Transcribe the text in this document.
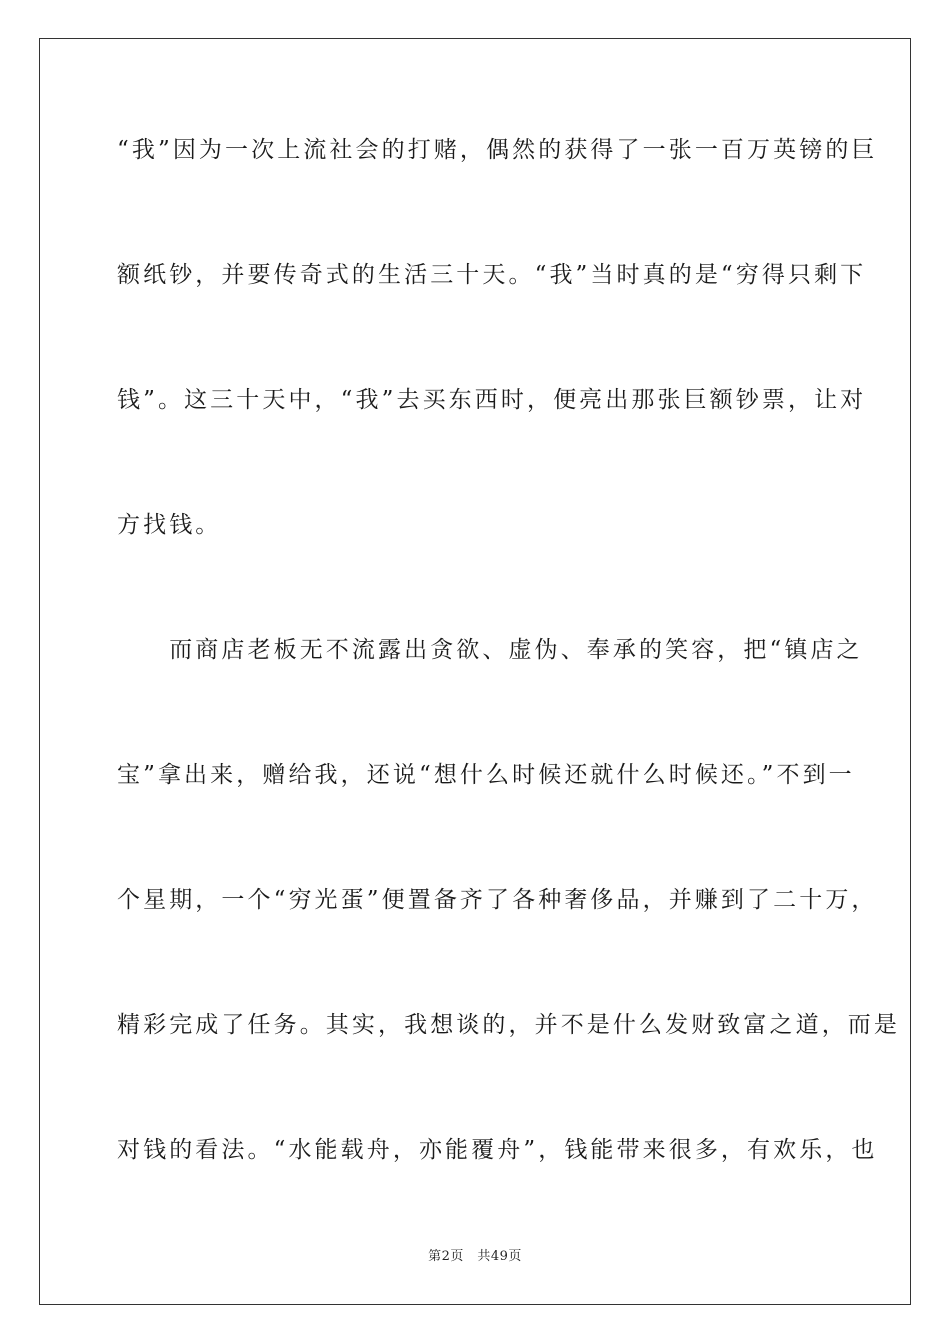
“我”因为一次上流社会的打赌，偶然的获得了一张一百万英镑的巨
额纸钞，并要传奇式的生活三十天。“我”当时真的是“穷得只剩下
钱”。这三十天中，“我”去买东西时，便亮出那张巨额钞票，让对
方找钱。
　　而商店老板无不流露出贪欲、虚伪、奉承的笑容，把“镇店之
宝”拿出来，赠给我，还说“想什么时候还就什么时候还。”不到一
个星期，一个“穷光蛋”便置备齐了各种奢侈品，并赚到了二十万，
精彩完成了任务。其实，我想谈的，并不是什么发财致富之道，而是
对钱的看法。“水能载舟，亦能覆舟”，钱能带来很多，有欢乐，也
第2页　共49页
